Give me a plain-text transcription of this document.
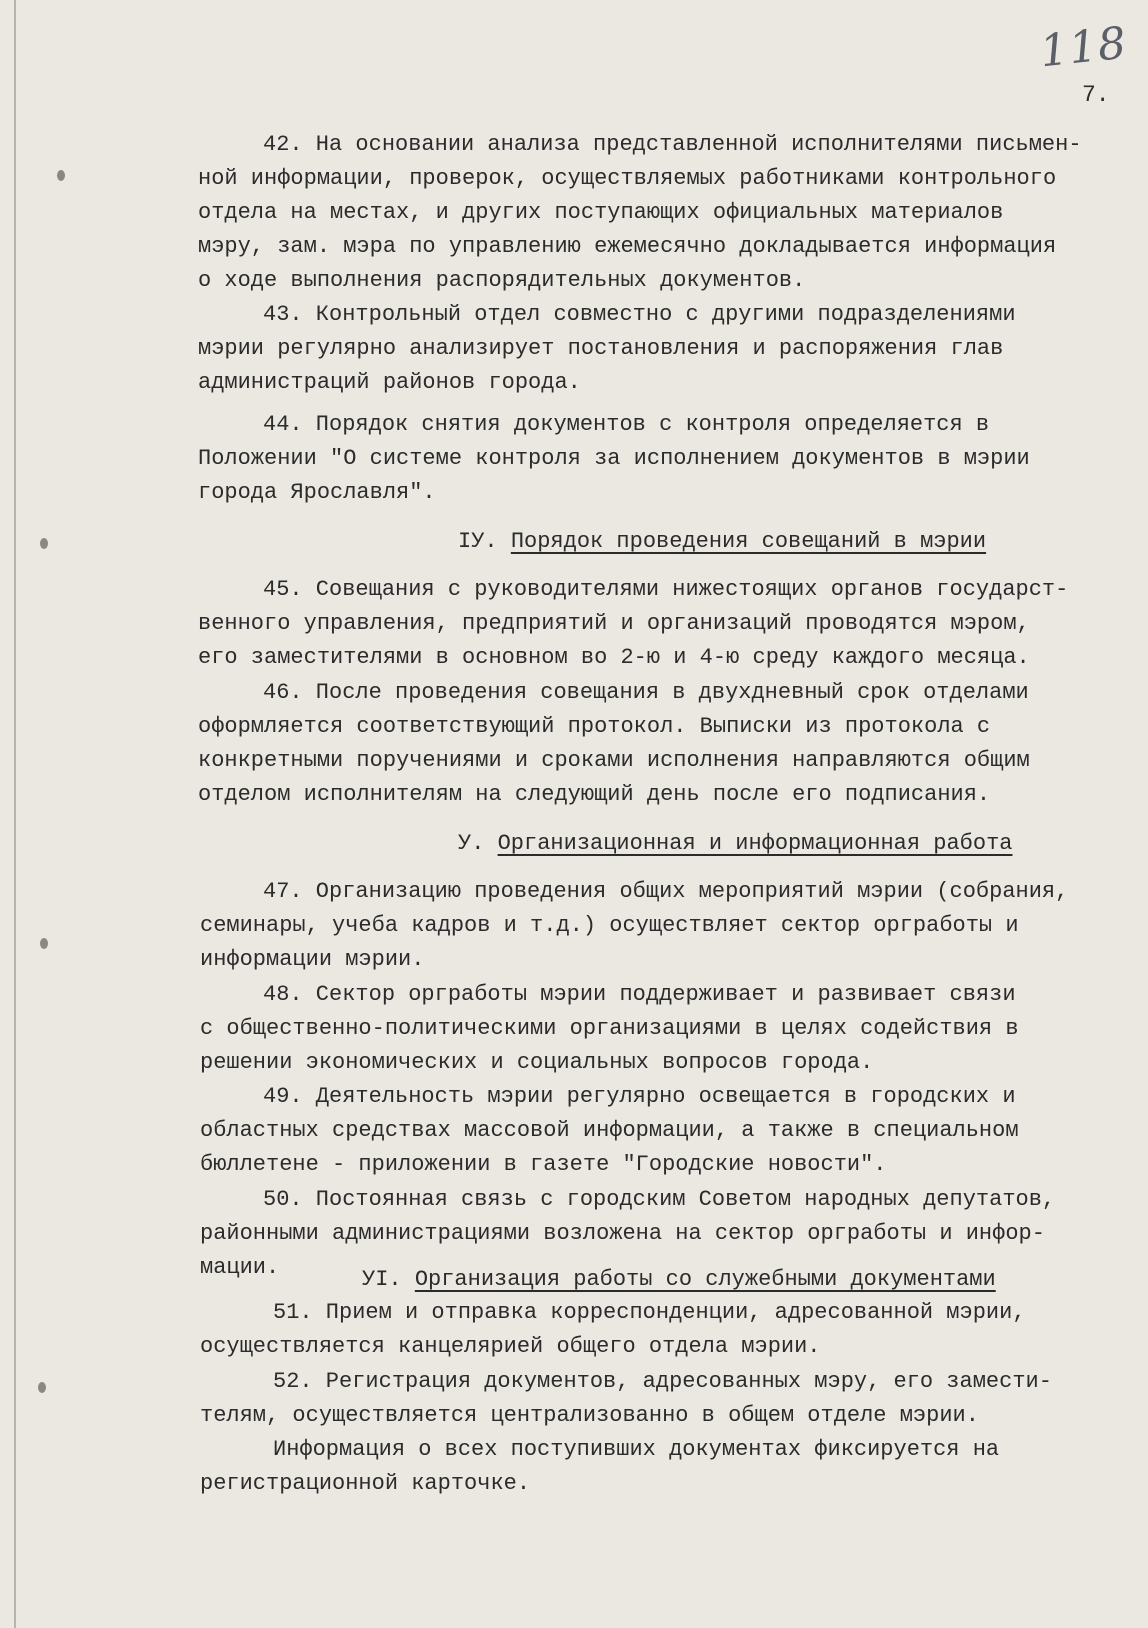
118
7.
42. На основании анализа представленной исполнителями письмен-
ной информации, проверок, осуществляемых работниками контрольного
отдела на местах, и других поступающих официальных материалов
мэру, зам. мэра по управлению ежемесячно докладывается информация
о ходе выполнения распорядительных документов.
43. Контрольный отдел совместно с другими подразделениями
мэрии регулярно анализирует постановления и распоряжения глав
администраций районов города.
44. Порядок снятия документов с контроля определяется в
Положении "О системе контроля за исполнением документов в мэрии
города Ярославля".
IУ. Порядок проведения совещаний в мэрии
45. Совещания с руководителями нижестоящих органов государст-
венного управления, предприятий и организаций проводятся мэром,
его заместителями в основном во 2-ю и 4-ю среду каждого месяца.
46. После проведения совещания в двухдневный срок отделами
оформляется соответствующий протокол. Выписки из протокола с
конкретными поручениями и сроками исполнения направляются общим
отделом исполнителям на следующий день после его подписания.
У. Организационная и информационная работа
47. Организацию проведения общих мероприятий мэрии (собрания,
семинары, учеба кадров и т.д.) осуществляет сектор оргработы и
информации мэрии.
48. Сектор оргработы мэрии поддерживает и развивает связи
с общественно-политическими организациями в целях содействия в
решении экономических и социальных вопросов города.
49. Деятельность мэрии регулярно освещается в городских и
областных средствах массовой информации, а также в специальном
бюллетене - приложении в газете "Городские новости".
50. Постоянная связь с городским Советом народных депутатов,
районными администрациями возложена на сектор оргработы и инфор-
мации.	УI. Организация работы со служебными документами
51. Прием и отправка корреспонденции, адресованной мэрии,
осуществляется канцелярией общего отдела мэрии.
52. Регистрация документов, адресованных мэру, его замести-
телям, осуществляется централизованно в общем отделе мэрии.
Информация о всех поступивших документах фиксируется на
регистрационной карточке.
